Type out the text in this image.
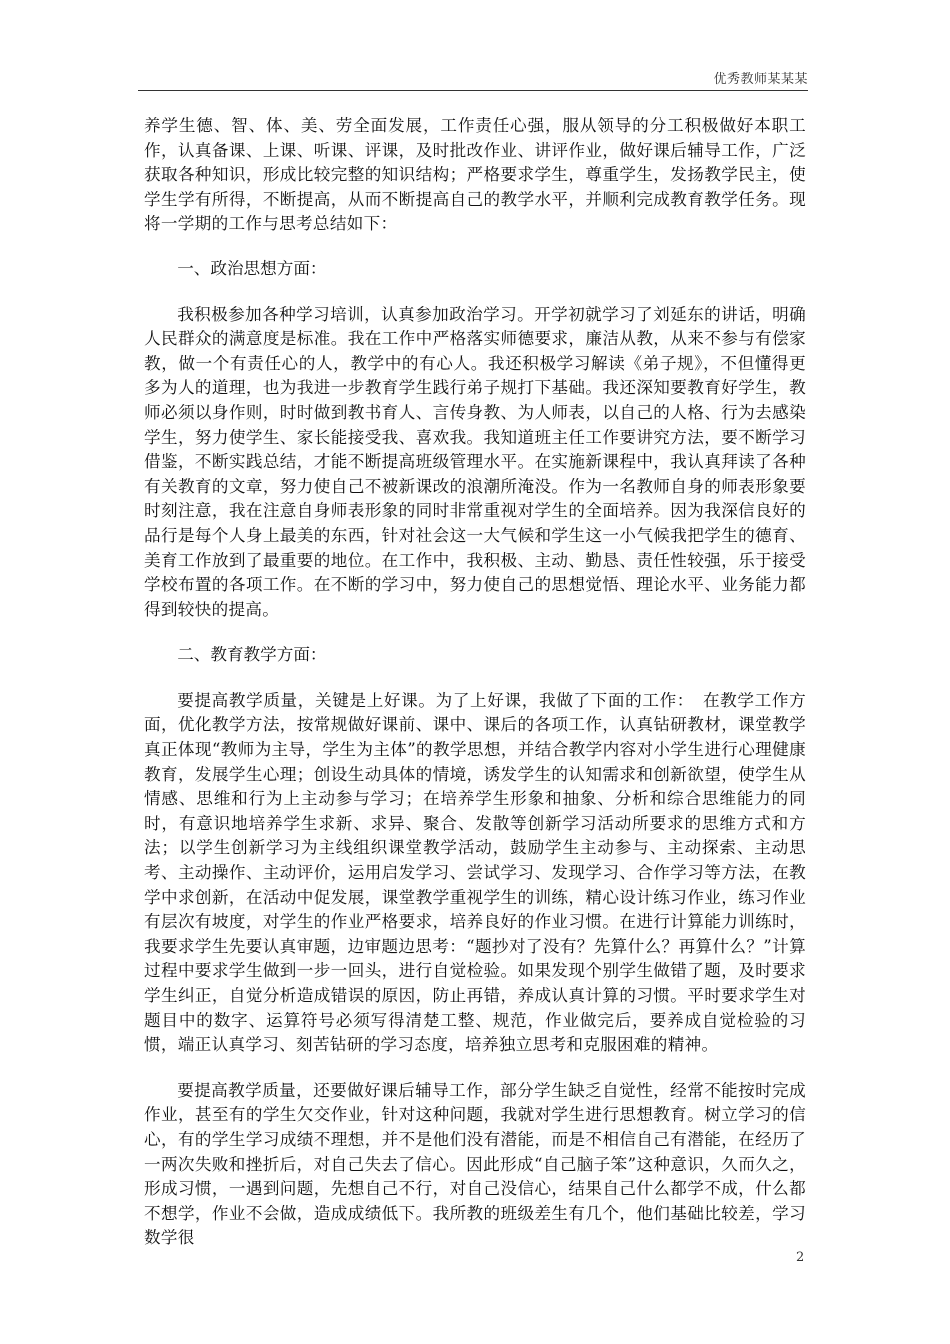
优秀教师某某某

养学生德、智、体、美、劳全面发展，工作责任心强，服从领导的分工积极做好本职工作，认真备课、上课、听课、评课，及时批改作业、讲评作业，做好课后辅导工作，广泛获取各种知识，形成比较完整的知识结构；严格要求学生，尊重学生，发扬教学民主，使学生学有所得，不断提高，从而不断提高自己的教学水平，并顺利完成教育教学任务。现将一学期的工作与思考总结如下：

一、政治思想方面：

我积极参加各种学习培训，认真参加政治学习。开学初就学习了刘延东的讲话，明确人民群众的满意度是标准。我在工作中严格落实师德要求，廉洁从教，从来不参与有偿家教，做一个有责任心的人，教学中的有心人。我还积极学习解读《弟子规》，不但懂得更多为人的道理，也为我进一步教育学生践行弟子规打下基础。我还深知要教育好学生，教师必须以身作则，时时做到教书育人、言传身教、为人师表，以自己的人格、行为去感染学生，努力使学生、家长能接受我、喜欢我。我知道班主任工作要讲究方法，要不断学习借鉴，不断实践总结，才能不断提高班级管理水平。在实施新课程中，我认真拜读了各种有关教育的文章，努力使自己不被新课改的浪潮所淹没。作为一名教师自身的师表形象要时刻注意，我在注意自身师表形象的同时非常重视对学生的全面培养。因为我深信良好的品行是每个人身上最美的东西，针对社会这一大气候和学生这一小气候我把学生的德育、美育工作放到了最重要的地位。在工作中，我积极、主动、勤恳、责任性较强，乐于接受学校布置的各项工作。在不断的学习中，努力使自己的思想觉悟、理论水平、业务能力都得到较快的提高。

二、教育教学方面：

要提高教学质量，关键是上好课。为了上好课，我做了下面的工作：　在教学工作方面，优化教学方法，按常规做好课前、课中、课后的各项工作，认真钻研教材，课堂教学真正体现“教师为主导，学生为主体”的教学思想，并结合教学内容对小学生进行心理健康教育，发展学生心理；创设生动具体的情境，诱发学生的认知需求和创新欲望，使学生从情感、思维和行为上主动参与学习；在培养学生形象和抽象、分析和综合思维能力的同时，有意识地培养学生求新、求异、聚合、发散等创新学习活动所要求的思维方式和方法；以学生创新学习为主线组织课堂教学活动，鼓励学生主动参与、主动探索、主动思考、主动操作、主动评价，运用启发学习、尝试学习、发现学习、合作学习等方法，在教学中求创新，在活动中促发展，课堂教学重视学生的训练，精心设计练习作业，练习作业有层次有坡度，对学生的作业严格要求，培养良好的作业习惯。在进行计算能力训练时，我要求学生先要认真审题，边审题边思考：“题抄对了没有？先算什么？再算什么？”计算过程中要求学生做到一步一回头，进行自觉检验。如果发现个别学生做错了题，及时要求学生纠正，自觉分析造成错误的原因，防止再错，养成认真计算的习惯。平时要求学生对题目中的数字、运算符号必须写得清楚工整、规范，作业做完后，要养成自觉检验的习惯，端正认真学习、刻苦钻研的学习态度，培养独立思考和克服困难的精神。

要提高教学质量，还要做好课后辅导工作，部分学生缺乏自觉性，经常不能按时完成作业，甚至有的学生欠交作业，针对这种问题，我就对学生进行思想教育。树立学习的信心，有的学生学习成绩不理想，并不是他们没有潜能，而是不相信自己有潜能，在经历了一两次失败和挫折后，对自己失去了信心。因此形成“自己脑子笨”这种意识，久而久之，形成习惯，一遇到问题，先想自己不行，对自己没信心，结果自己什么都学不成，什么都不想学，作业不会做，造成成绩低下。我所教的班级差生有几个，他们基础比较差，学习数学很

2
